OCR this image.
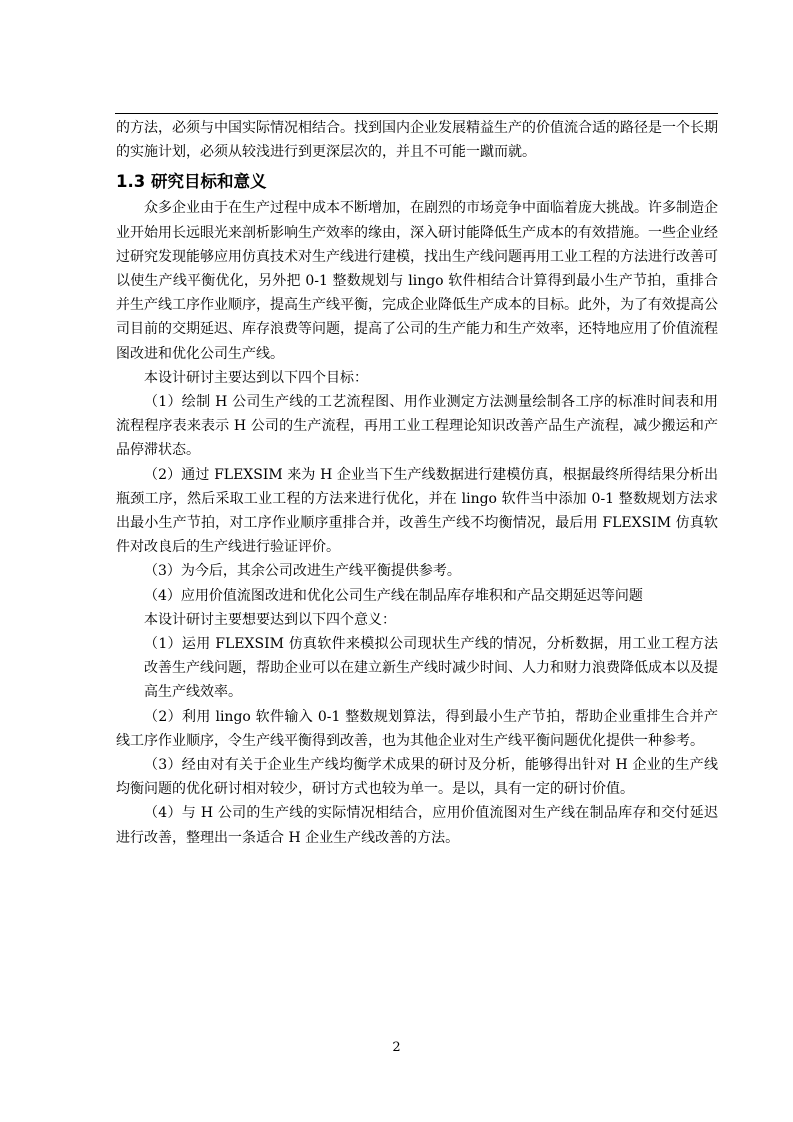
的方法，必须与中国实际情况相结合。找到国内企业发展精益生产的价值流合适的路径是一个长期的实施计划，必须从较浅进行到更深层次的，并且不可能一蹴而就。

1.3 研究目标和意义

众多企业由于在生产过程中成本不断增加，在剧烈的市场竞争中面临着庞大挑战。许多制造企业开始用长远眼光来剖析影响生产效率的缘由，深入研讨能降低生产成本的有效措施。一些企业经过研究发现能够应用仿真技术对生产线进行建模，找出生产线问题再用工业工程的方法进行改善可以使生产线平衡优化，另外把 0-1 整数规划与 lingo 软件相结合计算得到最小生产节拍，重排合并生产线工序作业顺序，提高生产线平衡，完成企业降低生产成本的目标。此外，为了有效提高公司目前的交期延迟、库存浪费等问题，提高了公司的生产能力和生产效率，还特地应用了价值流程图改进和优化公司生产线。

本设计研讨主要达到以下四个目标：

（1）绘制 H 公司生产线的工艺流程图、用作业测定方法测量绘制各工序的标准时间表和用流程程序表来表示 H 公司的生产流程，再用工业工程理论知识改善产品生产流程，减少搬运和产品停滞状态。

（2）通过 FLEXSIM 来为 H 企业当下生产线数据进行建模仿真，根据最终所得结果分析出瓶颈工序，然后采取工业工程的方法来进行优化，并在 lingo 软件当中添加 0-1 整数规划方法求出最小生产节拍，对工序作业顺序重排合并，改善生产线不均衡情况，最后用 FLEXSIM 仿真软件对改良后的生产线进行验证评价。

（3）为今后，其余公司改进生产线平衡提供参考。

（4）应用价值流图改进和优化公司生产线在制品库存堆积和产品交期延迟等问题

本设计研讨主要想要达到以下四个意义：

（1）运用 FLEXSIM 仿真软件来模拟公司现状生产线的情况，分析数据，用工业工程方法改善生产线问题，帮助企业可以在建立新生产线时减少时间、人力和财力浪费降低成本以及提高生产线效率。

（2）利用 lingo 软件输入 0-1 整数规划算法，得到最小生产节拍，帮助企业重排生合并产线工序作业顺序，令生产线平衡得到改善，也为其他企业对生产线平衡问题优化提供一种参考。

（3）经由对有关于企业生产线均衡学术成果的研讨及分析，能够得出针对 H 企业的生产线均衡问题的优化研讨相对较少，研讨方式也较为单一。是以，具有一定的研讨价值。

（4）与 H 公司的生产线的实际情况相结合，应用价值流图对生产线在制品库存和交付延迟进行改善，整理出一条适合 H 企业生产线改善的方法。

2
